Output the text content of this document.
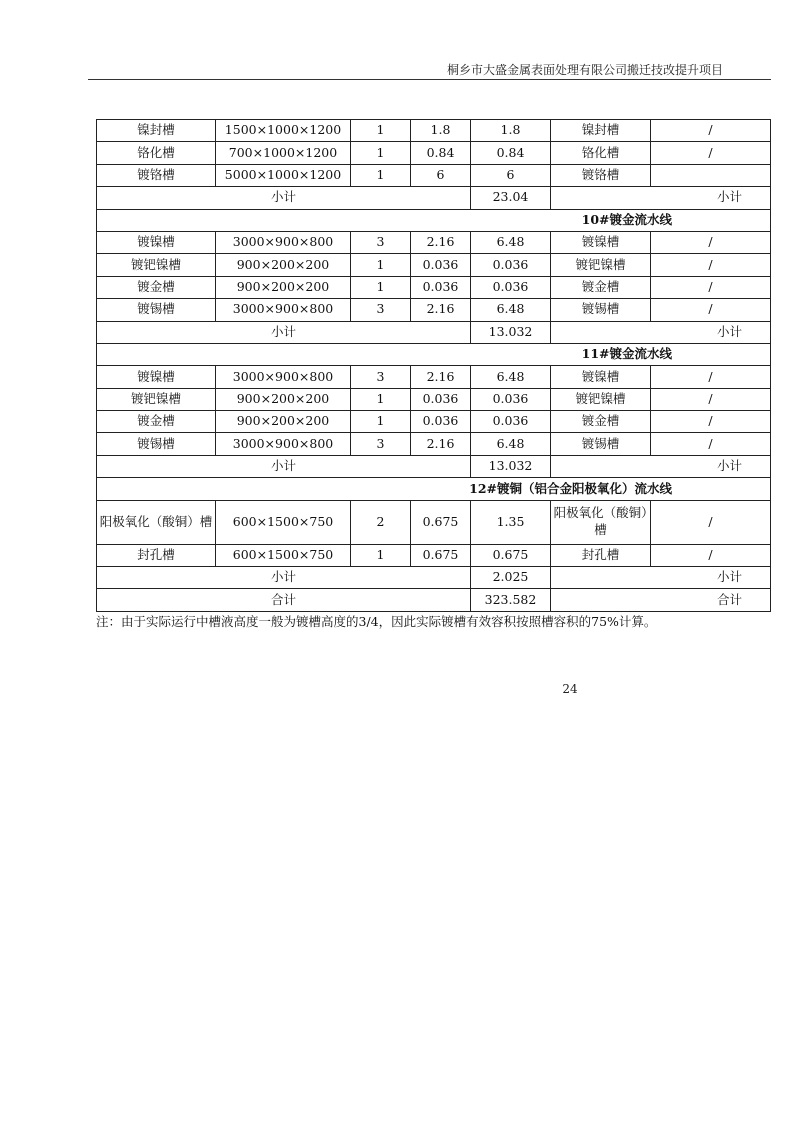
桐乡市大盛金属表面处理有限公司搬迁技改提升项目
镍封槽	1500×1000×1200	1	1.8	1.8	镍封槽	/
铬化槽	700×1000×1200	1	0.84	0.84	铬化槽	/
镀铬槽	5000×1000×1200	1	6	6	镀铬槽	
小计				23.04	小计	
10#镀金流水线						
镀镍槽	3000×900×800	3	2.16	6.48	镀镍槽	/
镀钯镍槽	900×200×200	1	0.036	0.036	镀钯镍槽	/
镀金槽	900×200×200	1	0.036	0.036	镀金槽	/
镀锡槽	3000×900×800	3	2.16	6.48	镀锡槽	/
小计				13.032	小计	
11#镀金流水线						
镀镍槽	3000×900×800	3	2.16	6.48	镀镍槽	/
镀钯镍槽	900×200×200	1	0.036	0.036	镀钯镍槽	/
镀金槽	900×200×200	1	0.036	0.036	镀金槽	/
镀锡槽	3000×900×800	3	2.16	6.48	镀锡槽	/
小计				13.032	小计	
12#镀铜（铝合金阳极氧化）流水线						
阳极氧化（酸铜）槽	600×1500×750	2	0.675	1.35	阳极氧化（酸铜）槽	/
封孔槽	600×1500×750	1	0.675	0.675	封孔槽	/
小计				2.025	小计	
合计				323.582	合计	
注：由于实际运行中槽液高度一般为镀槽高度的3/4，因此实际镀槽有效容积按照槽容积的75%计算。
24
